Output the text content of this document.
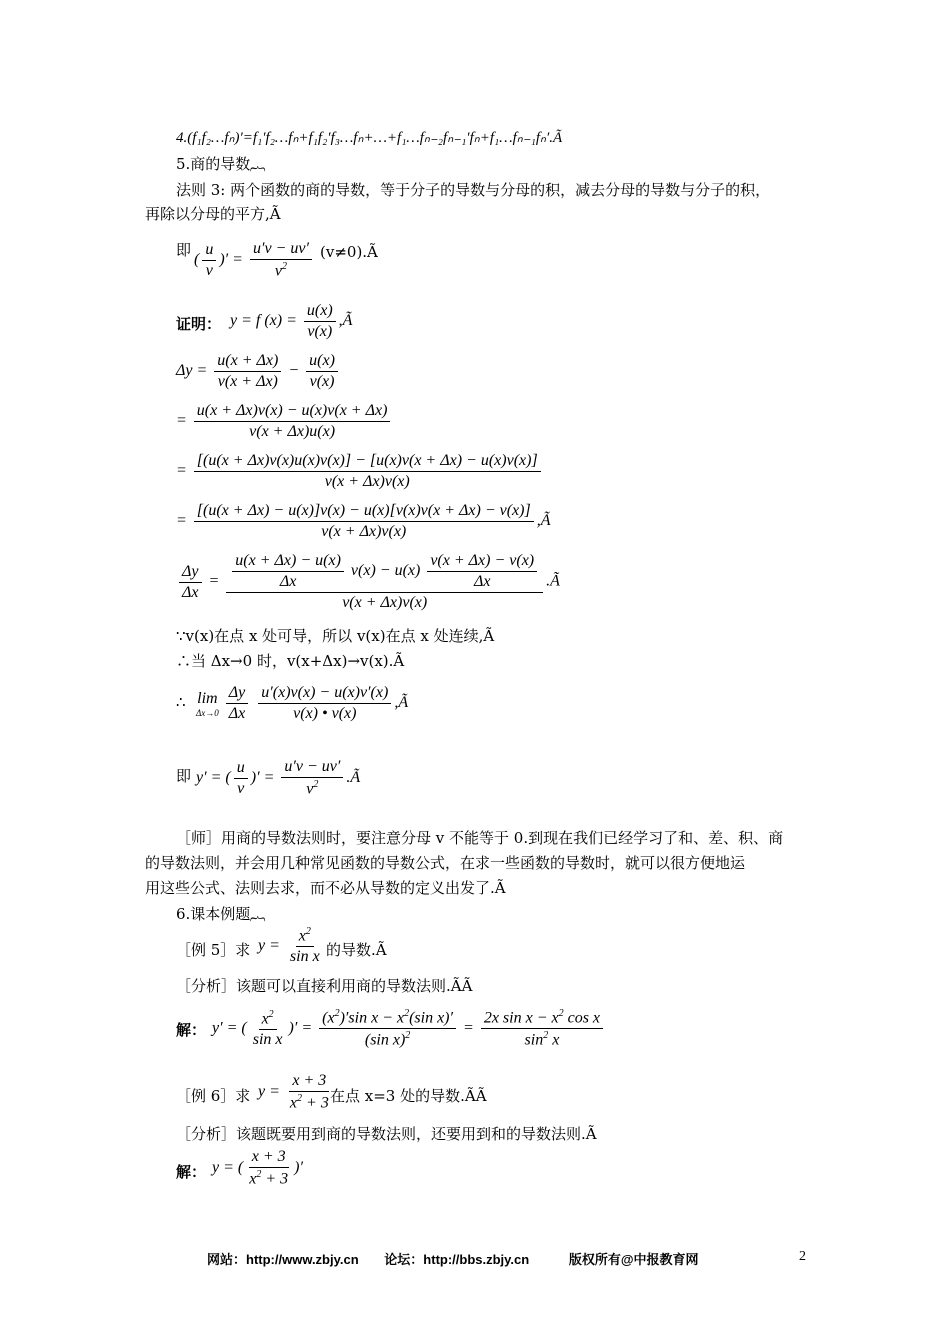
4.(f₁f₂…fₙ)′=f₁′f₂…fₙ+f₁f₂′f₃…fₙ+…+f₁…fₙ₋₂fₙ₋₁′fₙ+f₁…fₙ₋₁fₙ′.Ã
5.商的导数︷
法则 3: 两个函数的商的导数，等于分子的导数与分母的积，减去分母的导数与分子的积，
再除以分母的平方,Ã
即
( $\frac{u}{v}$ )′ = $\frac{u'v - uv'}{v^2}$ (v≠0).Ã
证明： y = f $(x) = \frac{u(x)}{v(x)}$ ,Ã
$\Delta y = \frac{u(x + \Delta x)}{v(x + \Delta x)} - \frac{u(x)}{v(x)}$
= $\frac{u(x + \Delta x)v(x) - u(x)v(x + \Delta x)}{v(x + \Delta x)u(x)}$
= $\frac{[(u(x + \Delta x)v(x)u(x)v(x)] - [u(x)v(x + \Delta x) - u(x)v(x)]}{v(x + \Delta x)v(x)}$
= $\frac{[(u(x + \Delta x) - u(x)]v(x) - u(x)[v(x)v(x + \Delta x) - v(x)]}{v(x + \Delta x)v(x)}$ ,Ã
$\frac{\Delta y}{\Delta x} = \frac{\frac{u(x + \Delta x) - u(x)}{\Delta x} v(x) - u(x) \frac{v(x + \Delta x) - v(x)}{\Delta x}}{v(x + \Delta x)v(x)}$ .Ã
∵v(x)在点 x 处可导，所以 v(x)在点 x 处连续,Ã
∴当 Δx→0 时，v(x+Δx)→v(x).Ã
∴ lim
Δx→0
$\frac{\Delta y}{\Delta x}$
$\frac{u'(x)v(x) - u(x)v'(x)}{v(x) • v(x)}$ ,Ã
即 y′ = ( $\frac{u}{v}$ )′ = $\frac{u'v - uv'}{v^2}$ .Ã
［师］用商的导数法则时，要注意分母 v 不能等于 0.到现在我们已经学习了和、差、积、商
的导数法则，并会用几种常见函数的导数公式，在求一些函数的导数时，就可以很方便地运
用这些公式、法则去求，而不必从导数的定义出发了.Ã
6.课本例题︷
［例 5］求 $y = \frac{x^2}{\text{sin x}}$ 的导数.Ã
［分析］该题可以直接利用商的导数法则.ÃÃ
解： y′ = ( $\frac{x^2}{\text{sin x}}$ )′ = $\frac{(x^2)'\sin x - x^2(\sin x)'}{(\sin x)^2} = \frac{2x \sin x - x^2 \cos x}{\sin^2 x}$
［例 6］求 $y = \frac{x + 3}{x^2 + 3}$
在点 x=3 处的导数.ÃÃ
［分析］该题既要用到商的导数法则，还要用到和的导数法则.Ã
解： y = ( $\frac{x + 3}{x^2 + 3}$ )′
网站：http://www.zbjy.cn 论坛：http://bbs.zbjy.cn	版权所有@中报教育网	2
